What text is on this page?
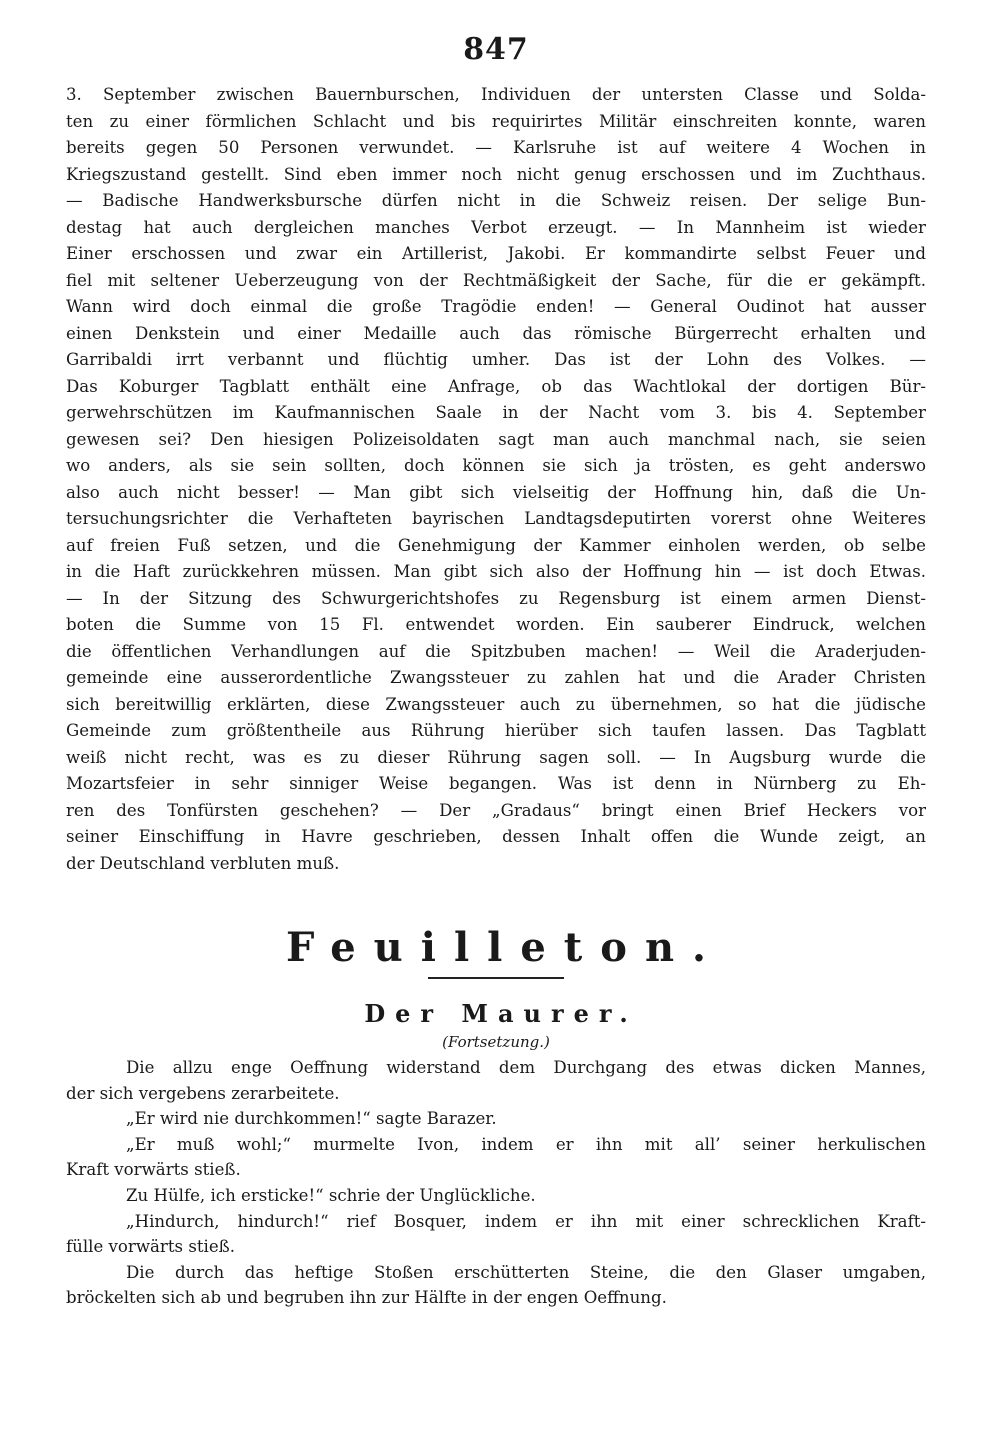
847
3. September zwischen Bauernburschen, Individuen der untersten Classe und Solda-
ten zu einer förmlichen Schlacht und bis requirirtes Militär einschreiten konnte, waren
bereits gegen 50 Personen verwundet. — Karlsruhe ist auf weitere 4 Wochen in
Kriegszustand gestellt. Sind eben immer noch nicht genug erschossen und im Zuchthaus.
— Badische Handwerksbursche dürfen nicht in die Schweiz reisen. Der selige Bun-
destag hat auch dergleichen manches Verbot erzeugt. — In Mannheim ist wieder
Einer erschossen und zwar ein Artillerist, Jakobi. Er kommandirte selbst Feuer und
fiel mit seltener Ueberzeugung von der Rechtmäßigkeit der Sache, für die er gekämpft.
Wann wird doch einmal die große Tragödie enden! — General Oudinot hat ausser
einen Denkstein und einer Medaille auch das römische Bürgerrecht erhalten und
Garribaldi irrt verbannt und flüchtig umher. Das ist der Lohn des Volkes. —
Das Koburger Tagblatt enthält eine Anfrage, ob das Wachtlokal der dortigen Bür-
gerwehrschützen im Kaufmannischen Saale in der Nacht vom 3. bis 4. September
gewesen sei? Den hiesigen Polizeisoldaten sagt man auch manchmal nach, sie seien
wo anders, als sie sein sollten, doch können sie sich ja trösten, es geht anderswo
also auch nicht besser! — Man gibt sich vielseitig der Hoffnung hin, daß die Un-
tersuchungsrichter die Verhafteten bayrischen Landtagsdeputirten vorerst ohne Weiteres
auf freien Fuß setzen, und die Genehmigung der Kammer einholen werden, ob selbe
in die Haft zurückkehren müssen. Man gibt sich also der Hoffnung hin — ist doch Etwas.
— In der Sitzung des Schwurgerichtshofes zu Regensburg ist einem armen Dienst-
boten die Summe von 15 Fl. entwendet worden. Ein sauberer Eindruck, welchen
die öffentlichen Verhandlungen auf die Spitzbuben machen! — Weil die Araderjuden-
gemeinde eine ausserordentliche Zwangssteuer zu zahlen hat und die Arader Christen
sich bereitwillig erklärten, diese Zwangssteuer auch zu übernehmen, so hat die jüdische
Gemeinde zum größtentheile aus Rührung hierüber sich taufen lassen. Das Tagblatt
weiß nicht recht, was es zu dieser Rührung sagen soll. — In Augsburg wurde die
Mozartsfeier in sehr sinniger Weise begangen. Was ist denn in Nürnberg zu Eh-
ren des Tonfürsten geschehen? — Der „Gradaus“ bringt einen Brief Heckers vor
seiner Einschiffung in Havre geschrieben, dessen Inhalt offen die Wunde zeigt, an
der Deutschland verbluten muß.
Feuilleton.
Der Maurer.
(Fortsetzung.)
Die allzu enge Oeffnung widerstand dem Durchgang des etwas dicken Mannes,
der sich vergebens zerarbeitete.
„Er wird nie durchkommen!“ sagte Barazer.
„Er muß wohl;“ murmelte Ivon, indem er ihn mit all’ seiner herkulischen
Kraft vorwärts stieß.
Zu Hülfe, ich ersticke!“ schrie der Unglückliche.
„Hindurch, hindurch!“ rief Bosquer, indem er ihn mit einer schrecklichen Kraft-
fülle vorwärts stieß.
Die durch das heftige Stoßen erschütterten Steine, die den Glaser umgaben,
bröckelten sich ab und begruben ihn zur Hälfte in der engen Oeffnung.
